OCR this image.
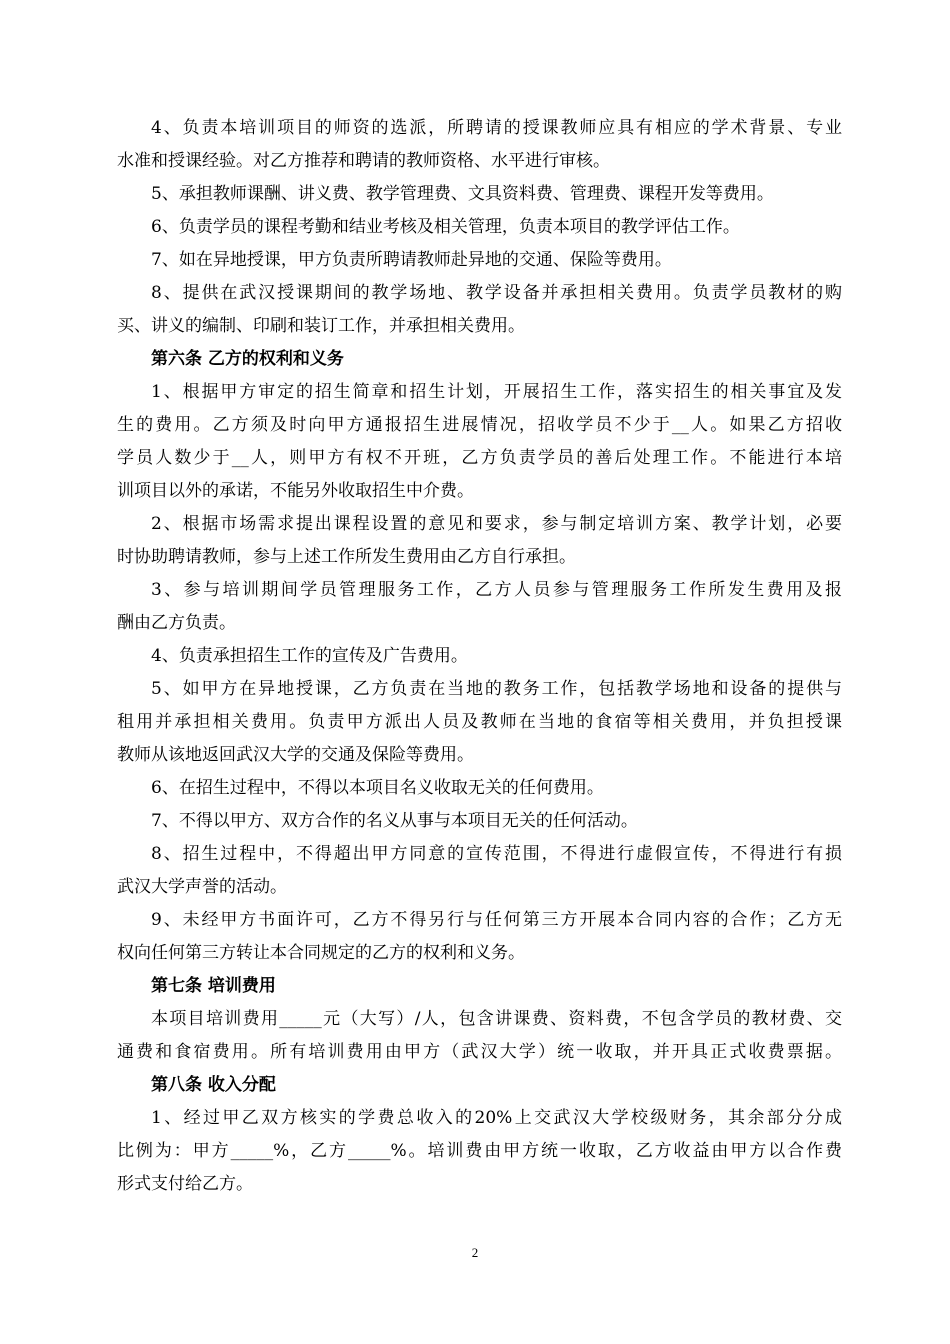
4、负责本培训项目的师资的选派，所聘请的授课教师应具有相应的学术背景、专业
水准和授课经验。对乙方推荐和聘请的教师资格、水平进行审核。
5、承担教师课酬、讲义费、教学管理费、文具资料费、管理费、课程开发等费用。
6、负责学员的课程考勤和结业考核及相关管理，负责本项目的教学评估工作。
7、如在异地授课，甲方负责所聘请教师赴异地的交通、保险等费用。
8、提供在武汉授课期间的教学场地、教学设备并承担相关费用。负责学员教材的购
买、讲义的编制、印刷和装订工作，并承担相关费用。
第六条 乙方的权利和义务
1、根据甲方审定的招生简章和招生计划，开展招生工作，落实招生的相关事宜及发
生的费用。乙方须及时向甲方通报招生进展情况，招收学员不少于__人。如果乙方招收
学员人数少于__人，则甲方有权不开班，乙方负责学员的善后处理工作。不能进行本培
训项目以外的承诺，不能另外收取招生中介费。
2、根据市场需求提出课程设置的意见和要求，参与制定培训方案、教学计划，必要
时协助聘请教师，参与上述工作所发生费用由乙方自行承担。
3、参与培训期间学员管理服务工作，乙方人员参与管理服务工作所发生费用及报
酬由乙方负责。
4、负责承担招生工作的宣传及广告费用。
5、如甲方在异地授课，乙方负责在当地的教务工作，包括教学场地和设备的提供与
租用并承担相关费用。负责甲方派出人员及教师在当地的食宿等相关费用，并负担授课
教师从该地返回武汉大学的交通及保险等费用。
6、在招生过程中，不得以本项目名义收取无关的任何费用。
7、不得以甲方、双方合作的名义从事与本项目无关的任何活动。
8、招生过程中，不得超出甲方同意的宣传范围，不得进行虚假宣传，不得进行有损
武汉大学声誉的活动。
9、未经甲方书面许可，乙方不得另行与任何第三方开展本合同内容的合作；乙方无
权向任何第三方转让本合同规定的乙方的权利和义务。
第七条 培训费用
本项目培训费用_____元（大写）/人，包含讲课费、资料费，不包含学员的教材费、交
通费和食宿费用。所有培训费用由甲方（武汉大学）统一收取，并开具正式收费票据。
第八条 收入分配
1、经过甲乙双方核实的学费总收入的20%上交武汉大学校级财务，其余部分分成
比例为：甲方_____%，乙方_____%。培训费由甲方统一收取，乙方收益由甲方以合作费
形式支付给乙方。
2
